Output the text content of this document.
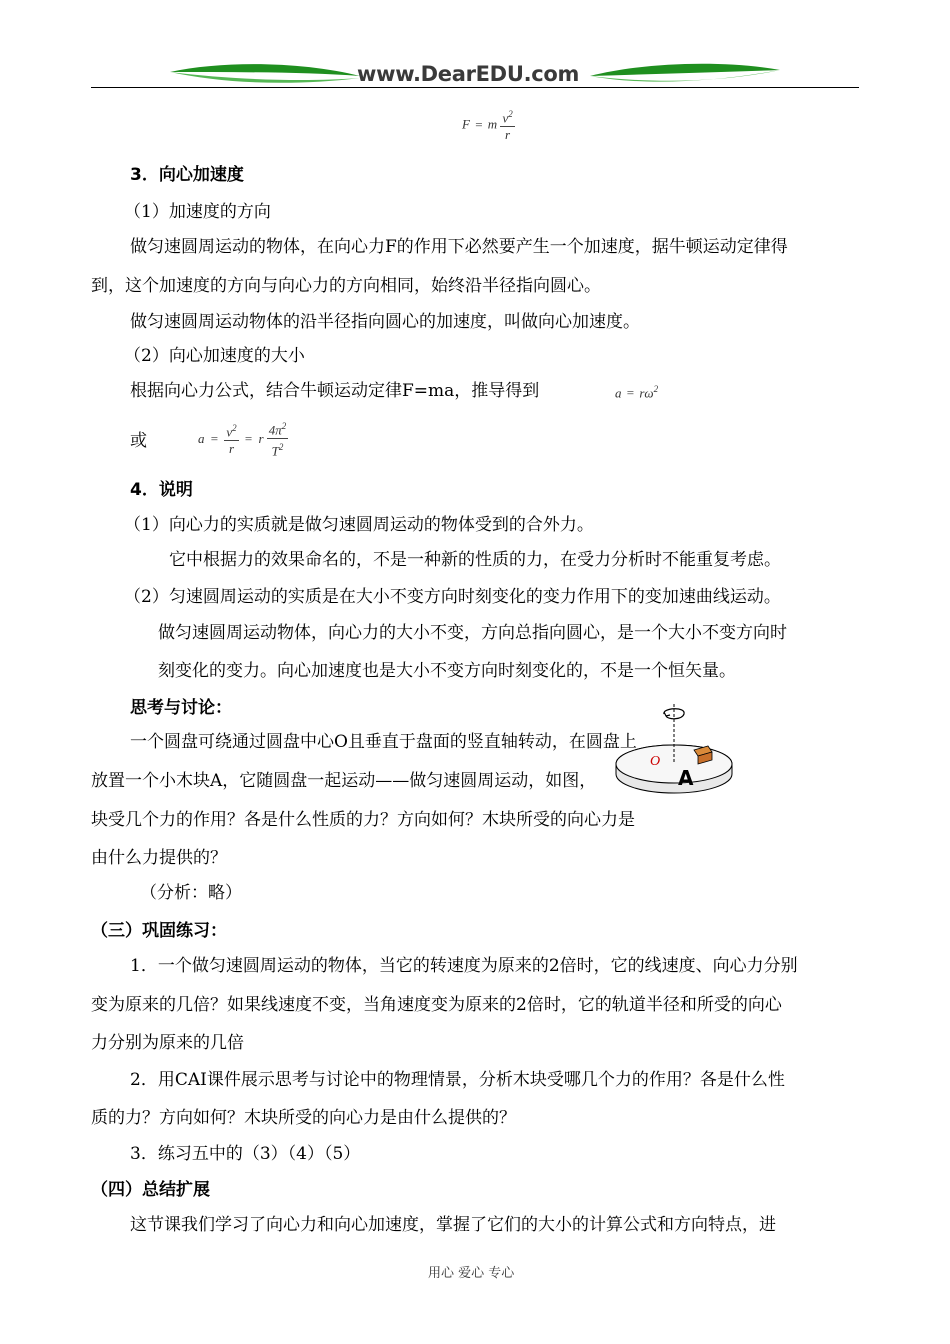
www.DearEDU.com
F = m $\frac{v^2}{r}$
3．向心加速度
（1）加速度的方向
做匀速圆周运动的物体，在向心力F的作用下必然要产生一个加速度，据牛顿运动定律得
到，这个加速度的方向与向心力的方向相同，始终沿半径指向圆心。
做匀速圆周运动物体的沿半径指向圆心的加速度，叫做向心加速度。
（2）向心加速度的大小
根据向心力公式，结合牛顿运动定律F=ma，推导得到	$a = r\omega^2$
或	$a = \frac{v^2}{r} = r \frac{4\pi^2}{T^2}$
4．说明
（1）向心力的实质就是做匀速圆周运动的物体受到的合外力。
它中根据力的效果命名的，不是一种新的性质的力，在受力分析时不能重复考虑。
（2）匀速圆周运动的实质是在大小不变方向时刻变化的变力作用下的变加速曲线运动。
做匀速圆周运动物体，向心力的大小不变，方向总指向圆心，是一个大小不变方向时
刻变化的变力。向心加速度也是大小不变方向时刻变化的，不是一个恒矢量。
思考与讨论：
一个圆盘可绕通过圆盘中心O且垂直于盘面的竖直轴转动，在圆盘上
放置一个小木块A，它随圆盘一起运动——做匀速圆周运动，如图，
块受几个力的作用？各是什么性质的力？方向如何？木块所受的向心力是
由什么力提供的？
（分析：略）
O
A
（三）巩固练习：
1．一个做匀速圆周运动的物体，当它的转速度为原来的2倍时，它的线速度、向心力分别
变为原来的几倍？如果线速度不变，当角速度变为原来的2倍时，它的轨道半径和所受的向心
力分别为原来的几倍
2．用CAI课件展示思考与讨论中的物理情景，分析木块受哪几个力的作用？各是什么性
质的力？方向如何？木块所受的向心力是由什么提供的？
3．练习五中的（3）（4）（5）
（四）总结扩展
这节课我们学习了向心力和向心加速度，掌握了它们的大小的计算公式和方向特点，进
用心 爱心 专心
